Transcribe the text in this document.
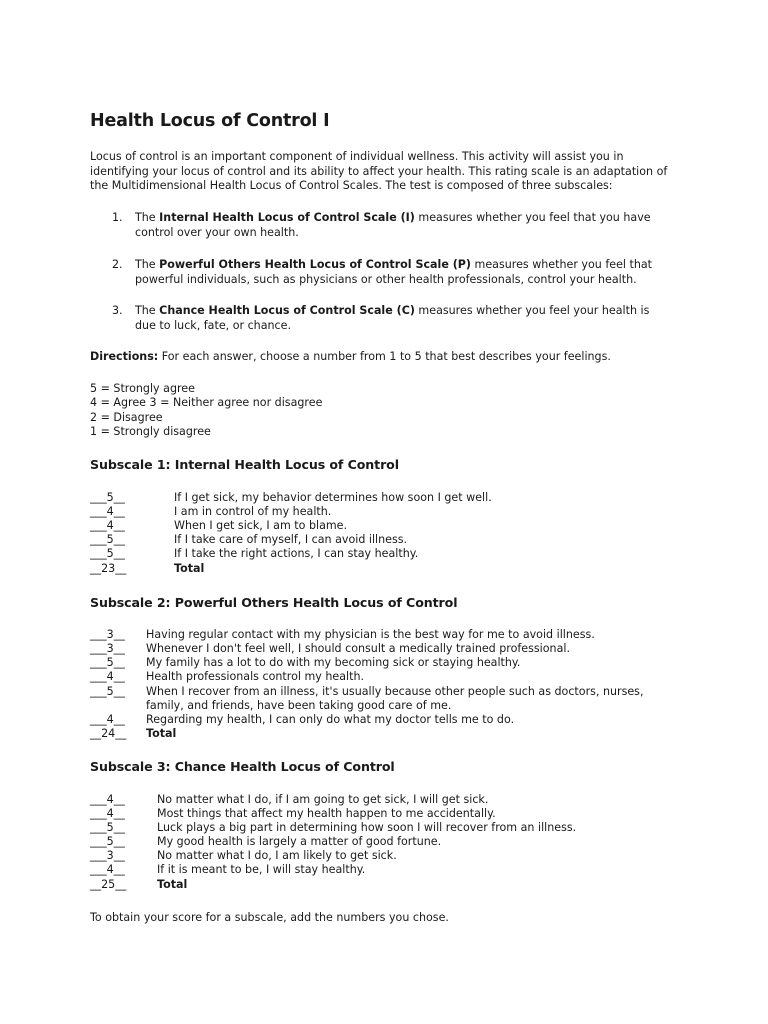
Health Locus of Control I
Locus of control is an important component of individual wellness. This activity will assist you in identifying your locus of control and its ability to affect your health. This rating scale is an adaptation of the Multidimensional Health Locus of Control Scales. The test is composed of three subscales:
1. The Internal Health Locus of Control Scale (I) measures whether you feel that you have control over your own health.
2. The Powerful Others Health Locus of Control Scale (P) measures whether you feel that powerful individuals, such as physicians or other health professionals, control your health.
3. The Chance Health Locus of Control Scale (C) measures whether you feel your health is due to luck, fate, or chance.
Directions: For each answer, choose a number from 1 to 5 that best describes your feelings.
5 = Strongly agree
4 = Agree 3 = Neither agree nor disagree
2 = Disagree
1 = Strongly disagree
Subscale 1: Internal Health Locus of Control
___5__	If I get sick, my behavior determines how soon I get well.
___4__	I am in control of my health.
___4__	When I get sick, I am to blame.
___5__	If I take care of myself, I can avoid illness.
___5__	If I take the right actions, I can stay healthy.
__23__	Total
Subscale 2: Powerful Others Health Locus of Control
___3__ Having regular contact with my physician is the best way for me to avoid illness.
___3__ Whenever I don't feel well, I should consult a medically trained professional.
___5__ My family has a lot to do with my becoming sick or staying healthy.
___4__ Health professionals control my health.
___5__ When I recover from an illness, it's usually because other people such as doctors, nurses, family, and friends, have been taking good care of me.
___4__ Regarding my health, I can only do what my doctor tells me to do.
__24__ Total
Subscale 3: Chance Health Locus of Control
___4__	No matter what I do, if I am going to get sick, I will get sick.
___4__	Most things that affect my health happen to me accidentally.
___5__	Luck plays a big part in determining how soon I will recover from an illness.
___5__	My good health is largely a matter of good fortune.
___3__	No matter what I do, I am likely to get sick.
___4__	If it is meant to be, I will stay healthy.
__25__	Total
To obtain your score for a subscale, add the numbers you chose.
